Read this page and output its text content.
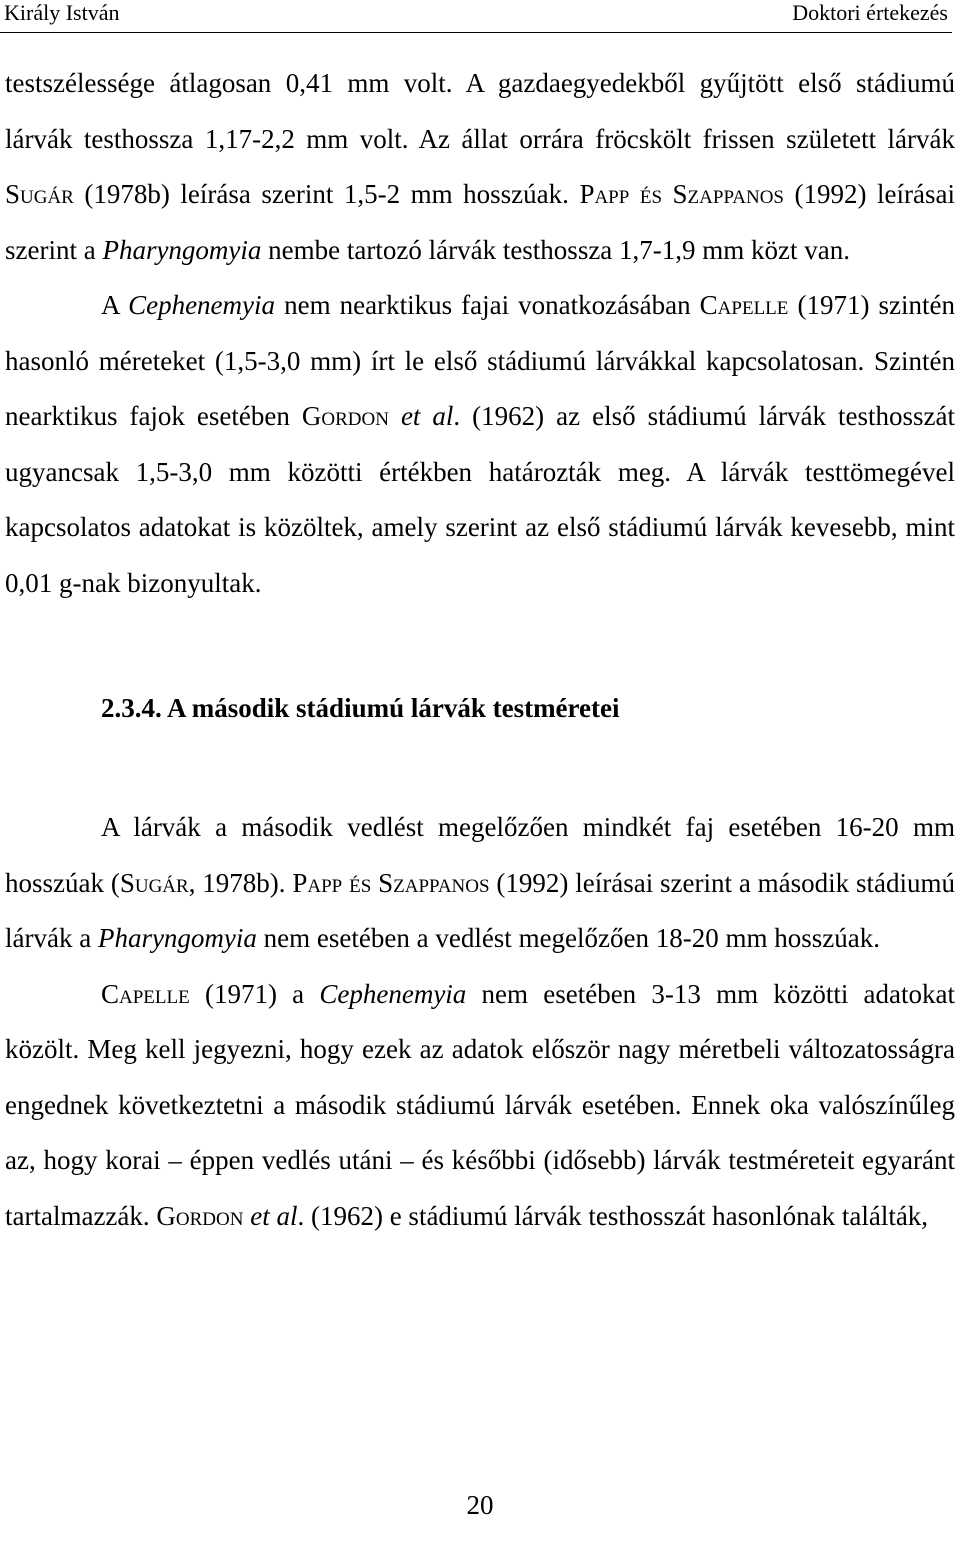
Király István	Doktori értekezés

testszélessége átlagosan 0,41 mm volt. A gazdaegyedekből gyűjtött első stádiumú lárvák testhossza 1,17-2,2 mm volt. Az állat orrára fröcskölt frissen született lárvák Sugár (1978b) leírása szerint 1,5-2 mm hosszúak. Papp és Szappanos (1992) leírásai szerint a Pharyngomyia nembe tartozó lárvák testhossza 1,7-1,9 mm közt van.

A Cephenemyia nem nearktikus fajai vonatkozásában Capelle (1971) szintén hasonló méreteket (1,5-3,0 mm) írt le első stádiumú lárvákkal kapcsolatosan. Szintén nearktikus fajok esetében Gordon et al. (1962) az első stádiumú lárvák testhosszát ugyancsak 1,5-3,0 mm közötti értékben határozták meg. A lárvák testtömegével kapcsolatos adatokat is közöltek, amely szerint az első stádiumú lárvák kevesebb, mint 0,01 g-nak bizonyultak.

2.3.4. A második stádiumú lárvák testméretei

A lárvák a második vedlést megelőzően mindkét faj esetében 16-20 mm hosszúak (Sugár, 1978b). Papp és Szappanos (1992) leírásai szerint a második stádiumú lárvák a Pharyngomyia nem esetében a vedlést megelőzően 18-20 mm hosszúak.

Capelle (1971) a Cephenemyia nem esetében 3-13 mm közötti adatokat közölt. Meg kell jegyezni, hogy ezek az adatok először nagy méretbeli változatosságra engednek következtetni a második stádiumú lárvák esetében. Ennek oka valószínűleg az, hogy korai – éppen vedlés utáni – és későbbi (idősebb) lárvák testméreteit egyaránt tartalmazzák. Gordon et al. (1962) e stádiumú lárvák testhosszát hasonlónak találták,

20
